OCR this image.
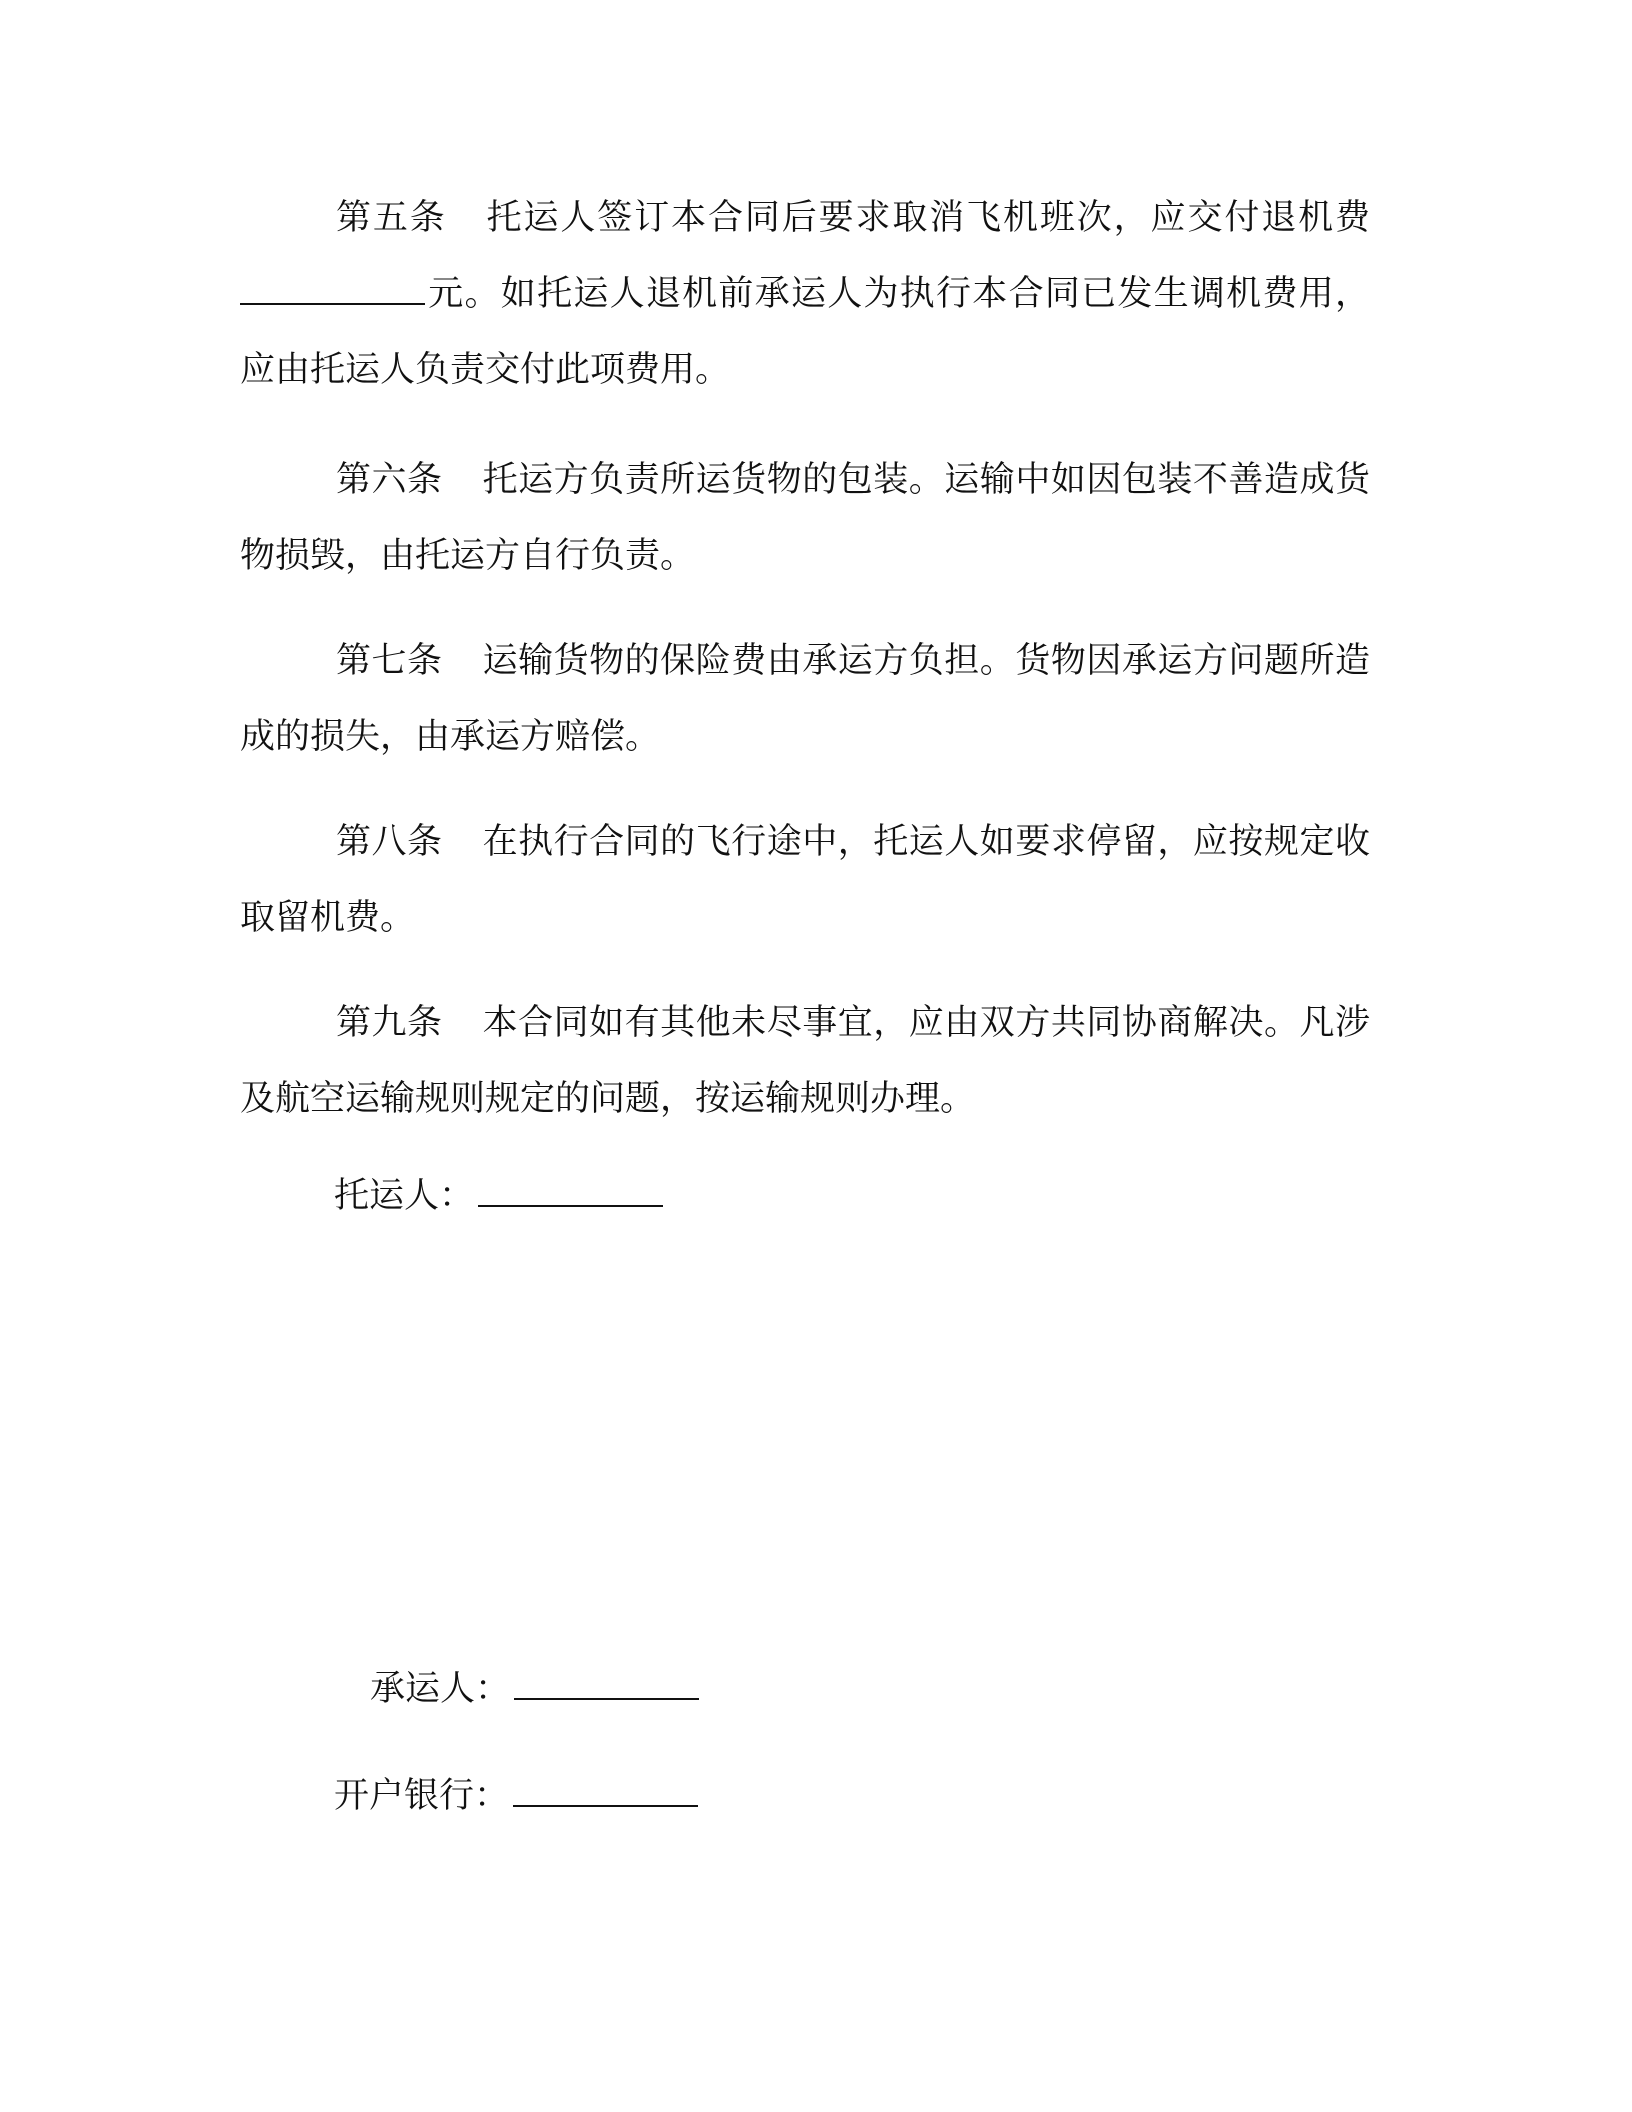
第五条 托运人签订本合同后要求取消飞机班次，应交付退机费元。如托运人退机前承运人为执行本合同已发生调机费用，应由托运人负责交付此项费用。

第六条 托运方负责所运货物的包装。运输中如因包装不善造成货物损毁，由托运方自行负责。

第七条 运输货物的保险费由承运方负担。货物因承运方问题所造成的损失，由承运方赔偿。

第八条 在执行合同的飞行途中，托运人如要求停留，应按规定收取留机费。

第九条 本合同如有其他未尽事宜，应由双方共同协商解决。凡涉及航空运输规则规定的问题，按运输规则办理。

托运人：
承运人：
开户银行：
